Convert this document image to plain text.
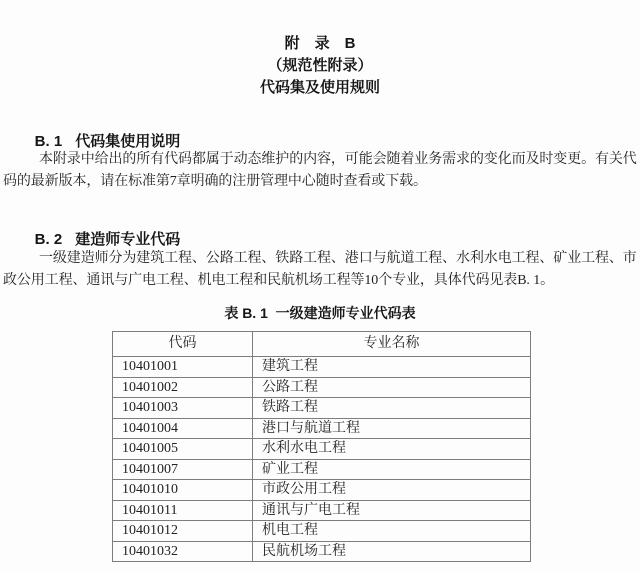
附　录　B
（规范性附录）
代码集及使用规则

B. 1 代码集使用说明

本附录中给出的所有代码都属于动态维护的内容，可能会随着业务需求的变化而及时变更。有关代
码的最新版本，请在标准第7章明确的注册管理中心随时查看或下载。

B. 2 建造师专业代码

一级建造师分为建筑工程、公路工程、铁路工程、港口与航道工程、水利水电工程、矿业工程、市
政公用工程、通讯与广电工程、机电工程和民航机场工程等10个专业，具体代码见表B. 1。
表 B. 1  一级建造师专业代码表
代码	专业名称
10401001	建筑工程
10401002	公路工程
10401003	铁路工程
10401004	港口与航道工程
10401005	水利水电工程
10401007	矿业工程
10401010	市政公用工程
10401011	通讯与广电工程
10401012	机电工程
10401032	民航机场工程
